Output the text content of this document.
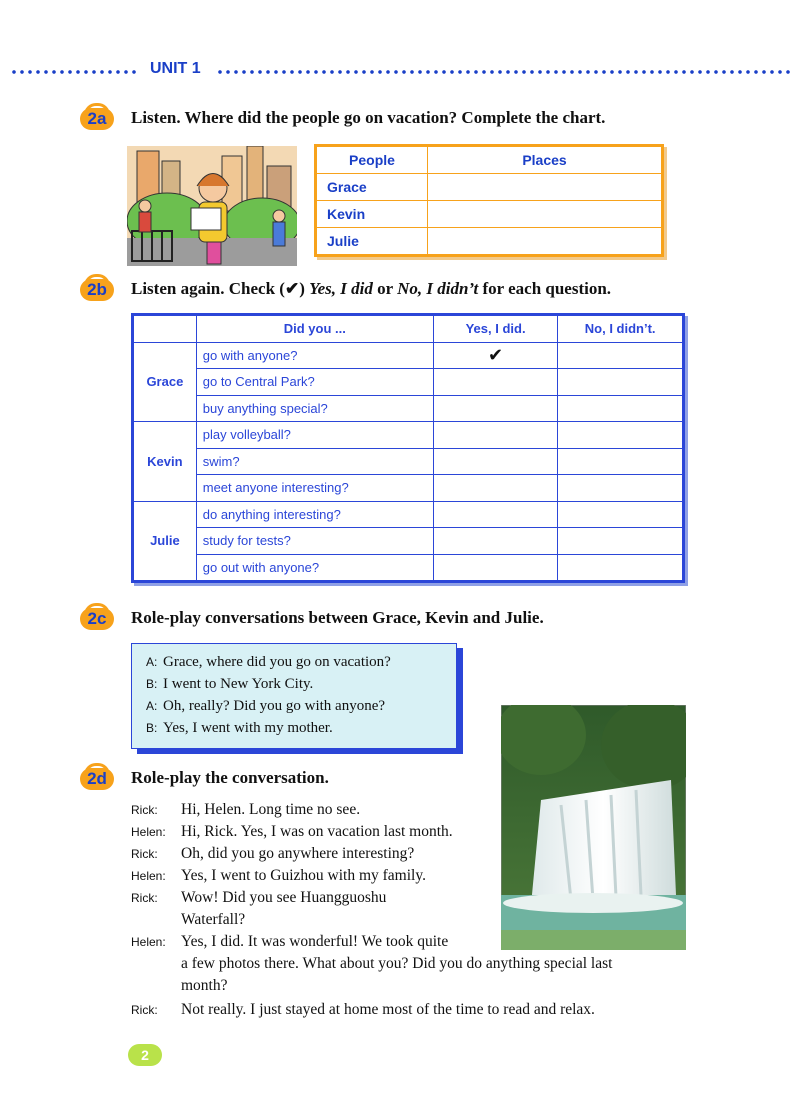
UNIT 1
2a	Listen. Where did the people go on vacation? Complete the chart.
People	Places
Grace	
Kevin	
Julie	
2b	Listen again. Check (✔) Yes, I did or No, I didn’t for each question.
	Did you ...	Yes, I did.	No, I didn’t.
Grace	go with anyone?	✔	
	go to Central Park?		
	buy anything special?		
Kevin	play volleyball?		
	swim?		
	meet anyone interesting?		
Julie	do anything interesting?		
	study for tests?		
	go out with anyone?		
2c	Role-play conversations between Grace, Kevin and Julie.
A: Grace, where did you go on vacation?
B: I went to New York City.
A: Oh, really? Did you go with anyone?
B: Yes, I went with my mother.
2d	Role-play the conversation.
Rick: Hi, Helen. Long time no see.
Helen: Hi, Rick. Yes, I was on vacation last month.
Rick: Oh, did you go anywhere interesting?
Helen: Yes, I went to Guizhou with my family.
Rick: Wow! Did you see Huangguoshu
Waterfall?
Helen: Yes, I did. It was wonderful! We took quite
a few photos there. What about you? Did you do anything special last
month?
Rick: Not really. I just stayed at home most of the time to read and relax.
2
